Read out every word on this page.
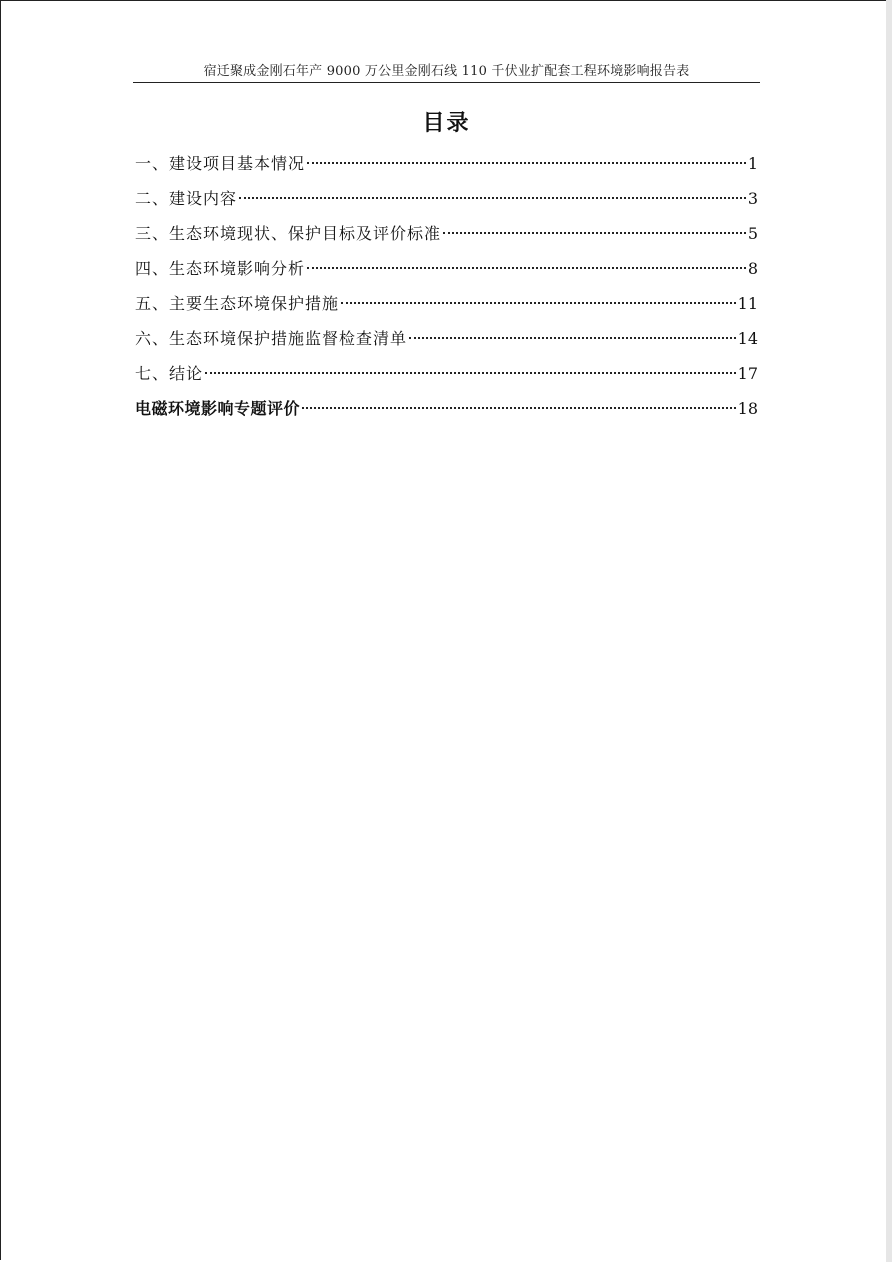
宿迁聚成金刚石年产 9000 万公里金刚石线 110 千伏业扩配套工程环境影响报告表
目录
一、建设项目基本情况	1
二、建设内容	3
三、生态环境现状、保护目标及评价标准	5
四、生态环境影响分析	8
五、主要生态环境保护措施	11
六、生态环境保护措施监督检查清单	14
七、结论	17
电磁环境影响专题评价	18
